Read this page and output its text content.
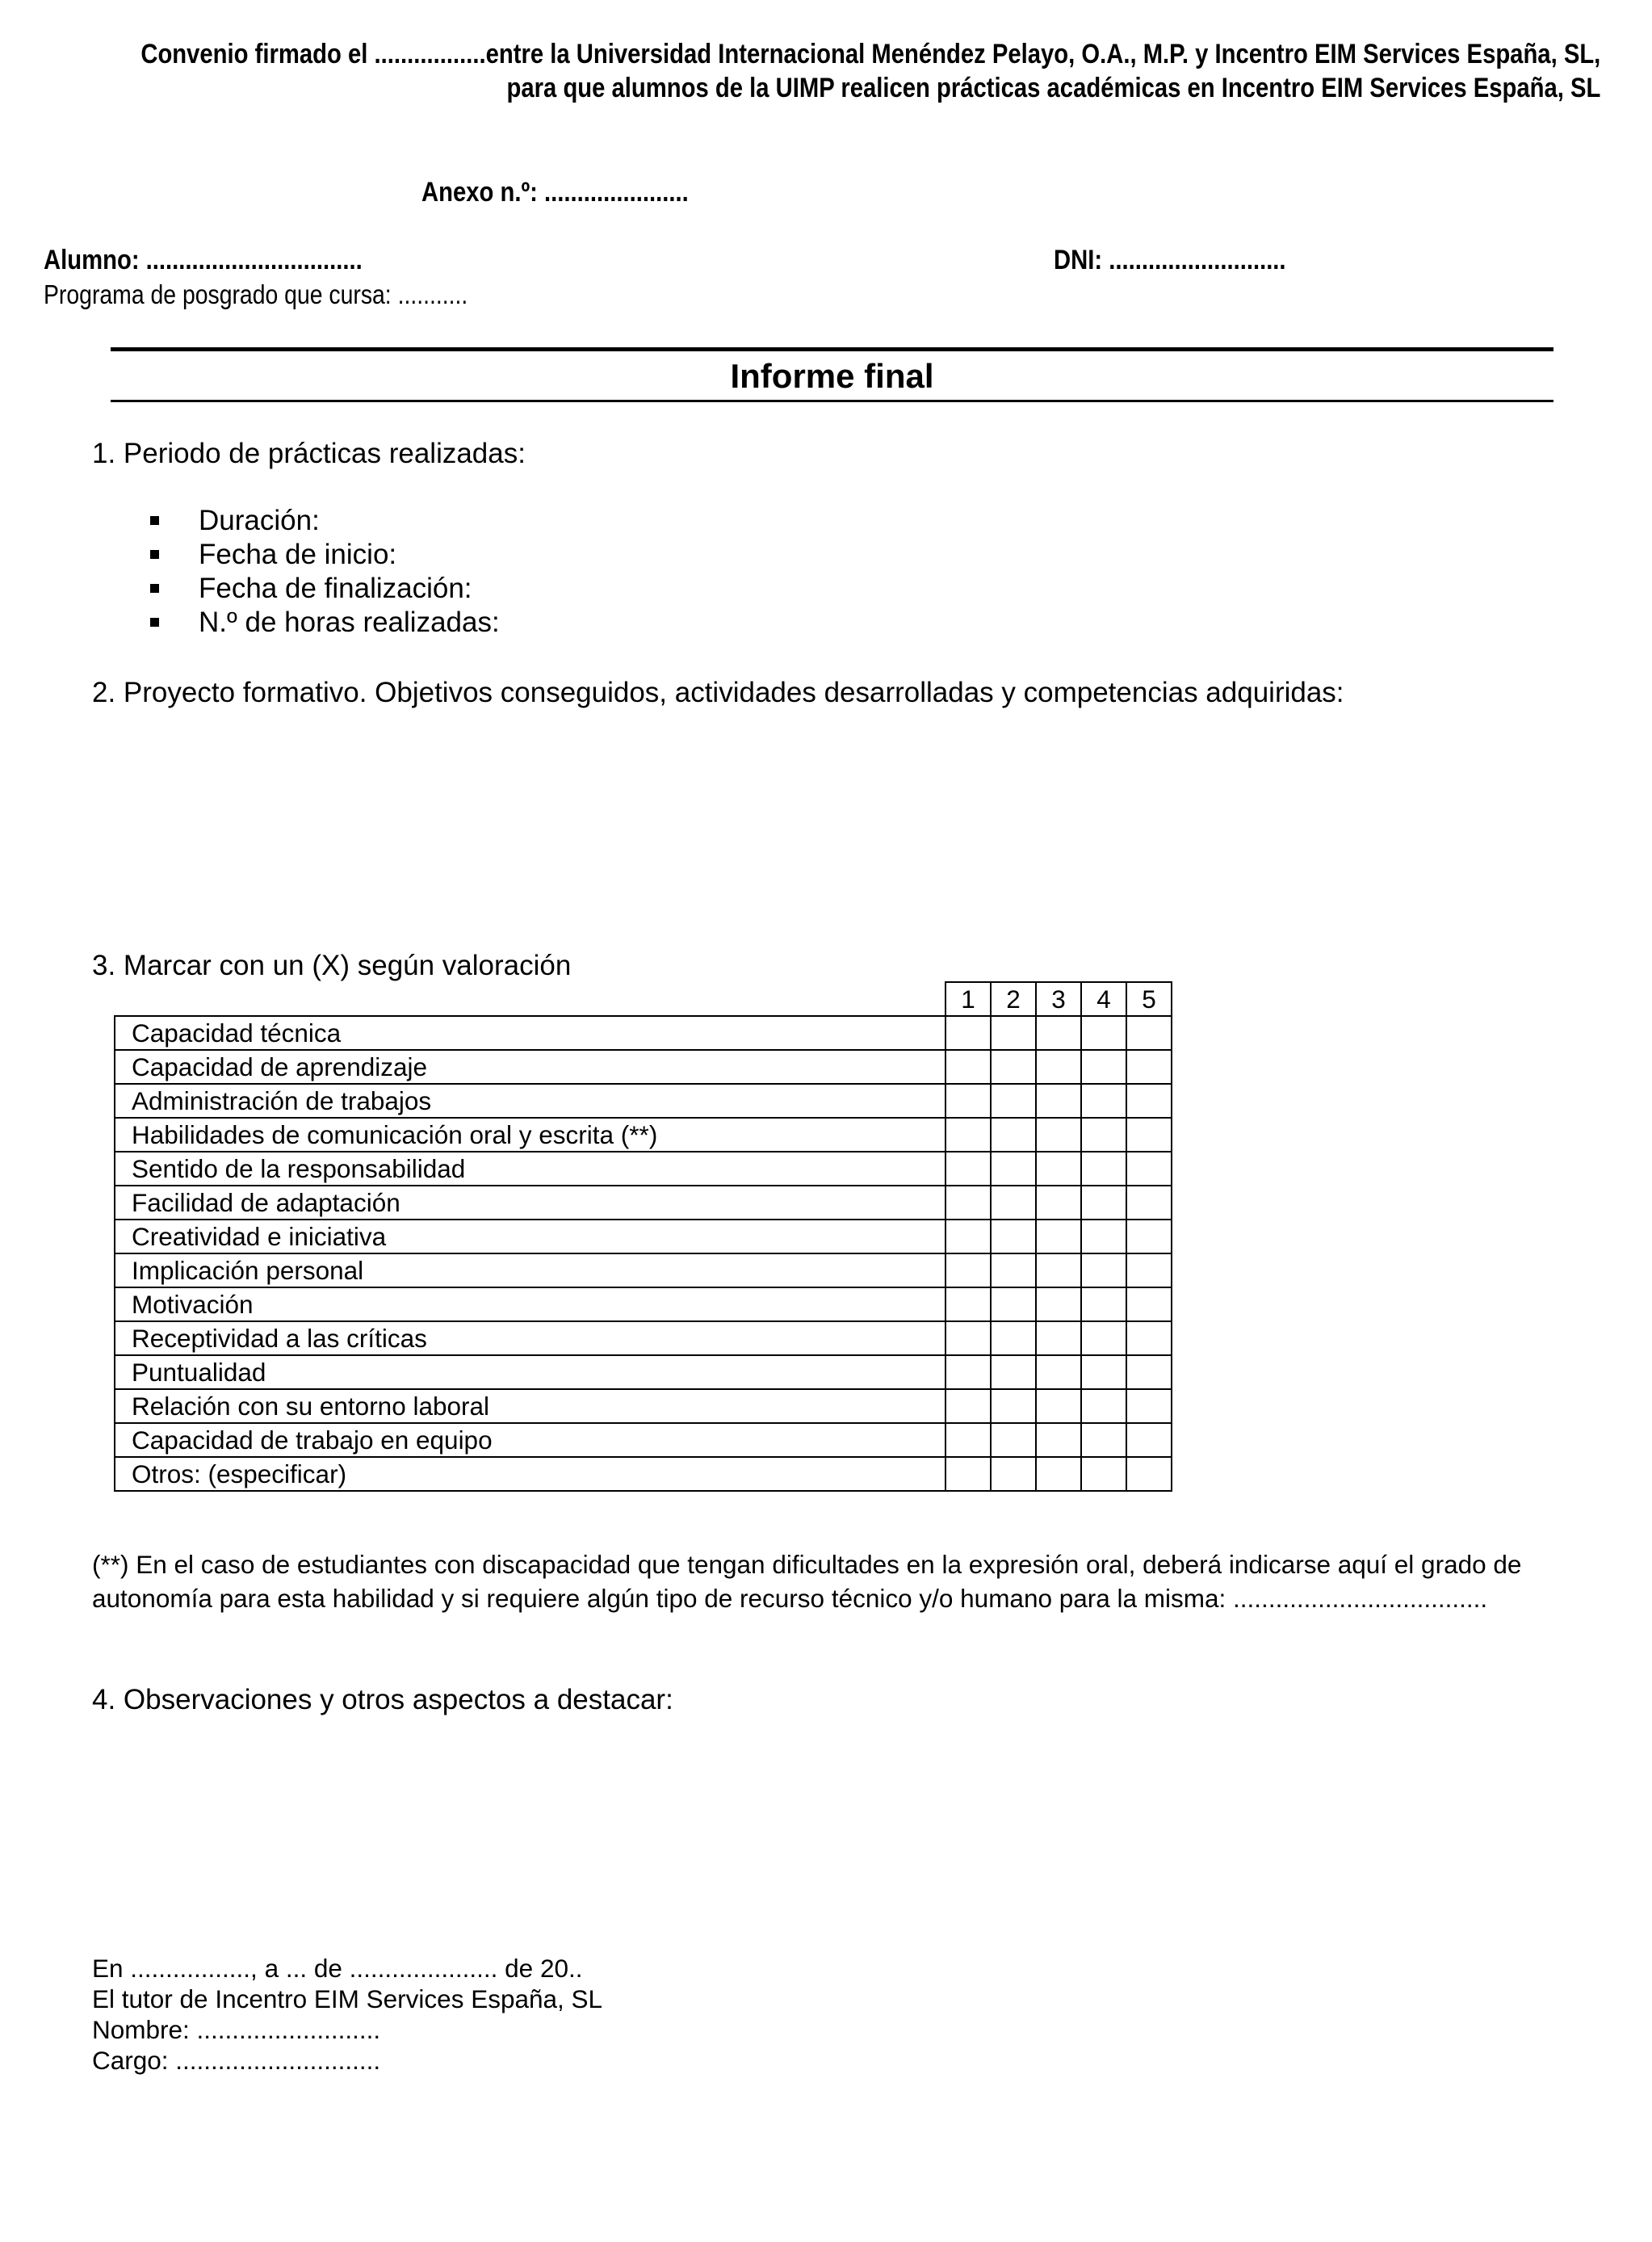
Convenio firmado el .................entre la Universidad Internacional Menéndez Pelayo, O.A., M.P. y Incentro EIM Services España, SL,
para que alumnos de la UIMP realicen prácticas académicas en Incentro EIM Services España, SL
Anexo n.º: ......................
Alumno: .................................	DNI: ...........................
Programa de posgrado que cursa: ...........
Informe final
1. Periodo de prácticas realizadas:
Duración:
Fecha de inicio:
Fecha de finalización:
N.º de horas realizadas:
2. Proyecto formativo. Objetivos conseguidos, actividades desarrolladas y competencias adquiridas:
3. Marcar con un (X) según valoración
	1	2	3	4	5
Capacidad técnica					
Capacidad de aprendizaje					
Administración de trabajos					
Habilidades de comunicación oral y escrita (**)					
Sentido de la responsabilidad					
Facilidad de adaptación					
Creatividad e iniciativa					
Implicación personal					
Motivación					
Receptividad a las críticas					
Puntualidad					
Relación con su entorno laboral					
Capacidad de trabajo en equipo					
Otros: (especificar)					
(**) En el caso de estudiantes con discapacidad que tengan dificultades en la expresión oral, deberá indicarse aquí el grado de
autonomía para esta habilidad y si requiere algún tipo de recurso técnico y/o humano para la misma: ....................................
4. Observaciones y otros aspectos a destacar:
En ................., a ... de ..................... de 20..
El tutor de Incentro EIM Services España, SL
Nombre: ..........................
Cargo: .............................
